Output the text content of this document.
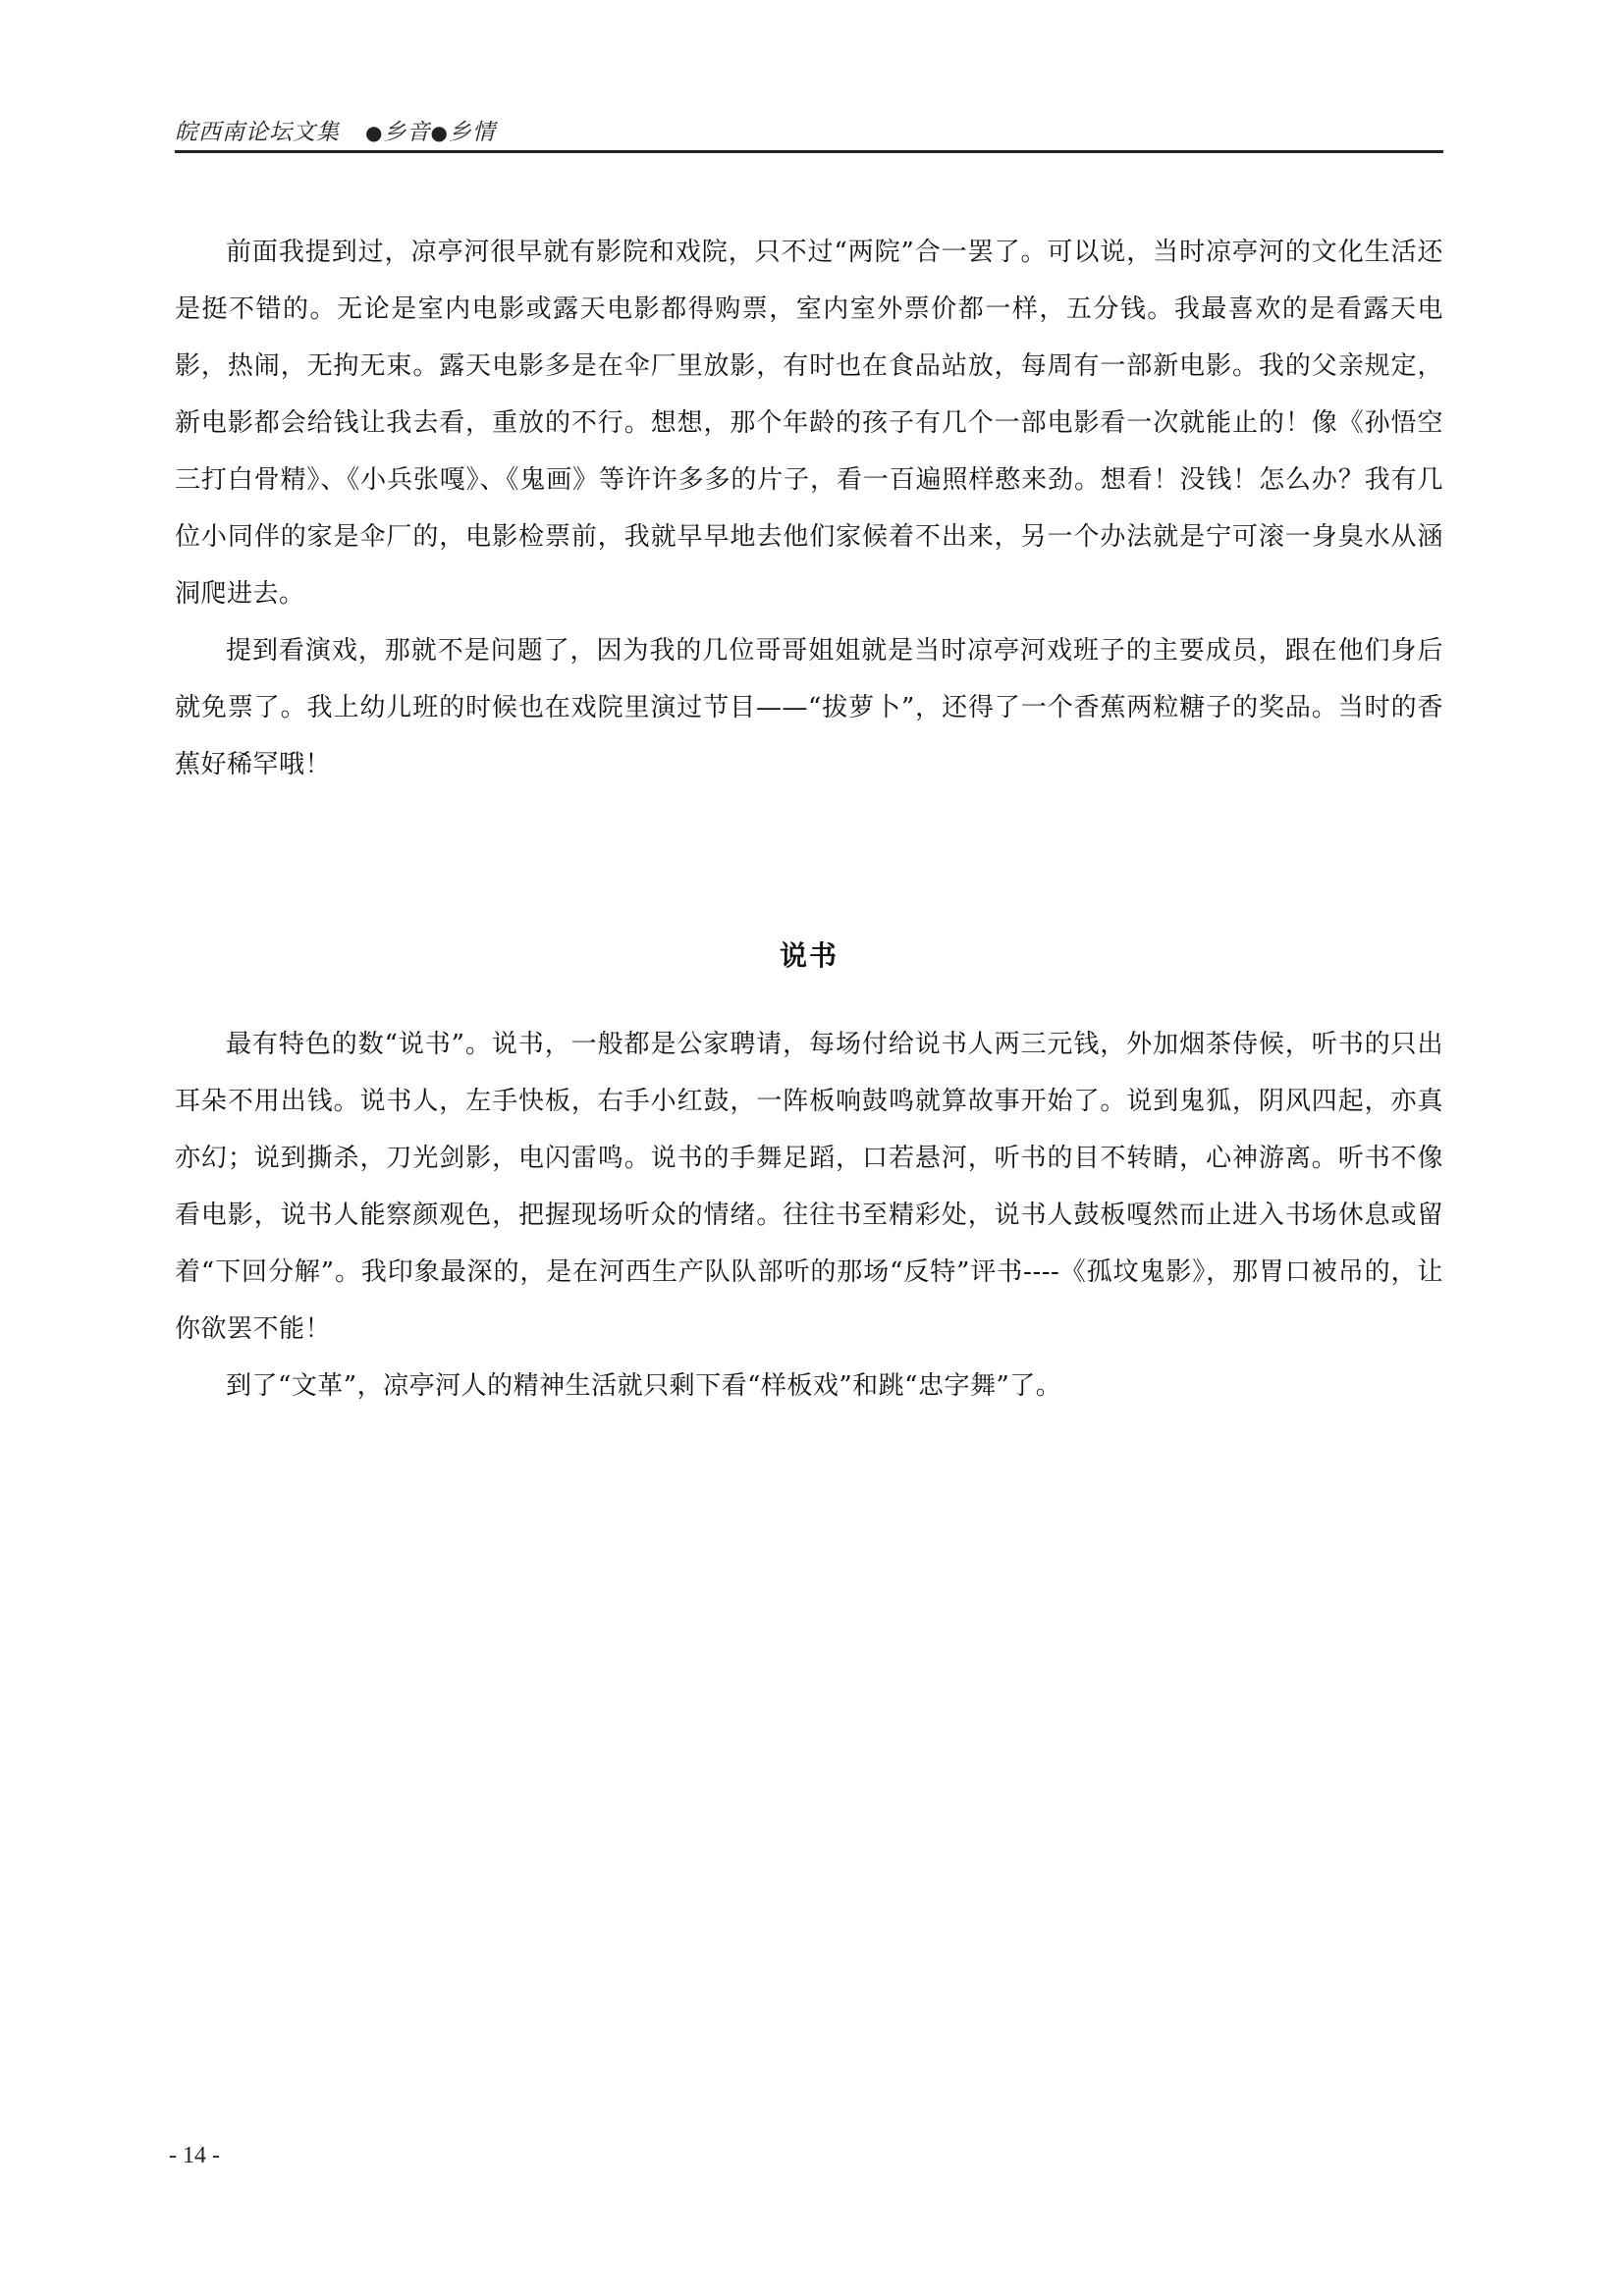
皖西南论坛文集 ●乡音●乡情

前面我提到过，凉亭河很早就有影院和戏院，只不过“两院”合一罢了。可以说，当时凉亭河的文化生活还是挺不错的。无论是室内电影或露天电影都得购票，室内室外票价都一样，五分钱。我最喜欢的是看露天电影，热闹，无拘无束。露天电影多是在伞厂里放影，有时也在食品站放，每周有一部新电影。我的父亲规定，新电影都会给钱让我去看，重放的不行。想想，那个年龄的孩子有几个一部电影看一次就能止的！像《孙悟空三打白骨精》、《小兵张嘎》、《鬼画》等许许多多的片子，看一百遍照样憨来劲。想看！没钱！怎么办？我有几位小同伴的家是伞厂的，电影检票前，我就早早地去他们家候着不出来，另一个办法就是宁可滚一身臭水从涵洞爬进去。

提到看演戏，那就不是问题了，因为我的几位哥哥姐姐就是当时凉亭河戏班子的主要成员，跟在他们身后就免票了。我上幼儿班的时候也在戏院里演过节目——“拔萝卜”，还得了一个香蕉两粒糖子的奖品。当时的香蕉好稀罕哦！

说书

最有特色的数“说书”。说书，一般都是公家聘请，每场付给说书人两三元钱，外加烟茶侍候，听书的只出耳朵不用出钱。说书人，左手快板，右手小红鼓，一阵板响鼓鸣就算故事开始了。说到鬼狐，阴风四起，亦真亦幻；说到撕杀，刀光剑影，电闪雷鸣。说书的手舞足蹈，口若悬河，听书的目不转睛，心神游离。听书不像看电影，说书人能察颜观色，把握现场听众的情绪。往往书至精彩处，说书人鼓板嘎然而止进入书场休息或留着“下回分解”。我印象最深的，是在河西生产队队部听的那场“反特”评书----《孤坟鬼影》，那胃口被吊的，让你欲罢不能！

到了“文革”，凉亭河人的精神生活就只剩下看“样板戏”和跳“忠字舞”了。

- 14 -
